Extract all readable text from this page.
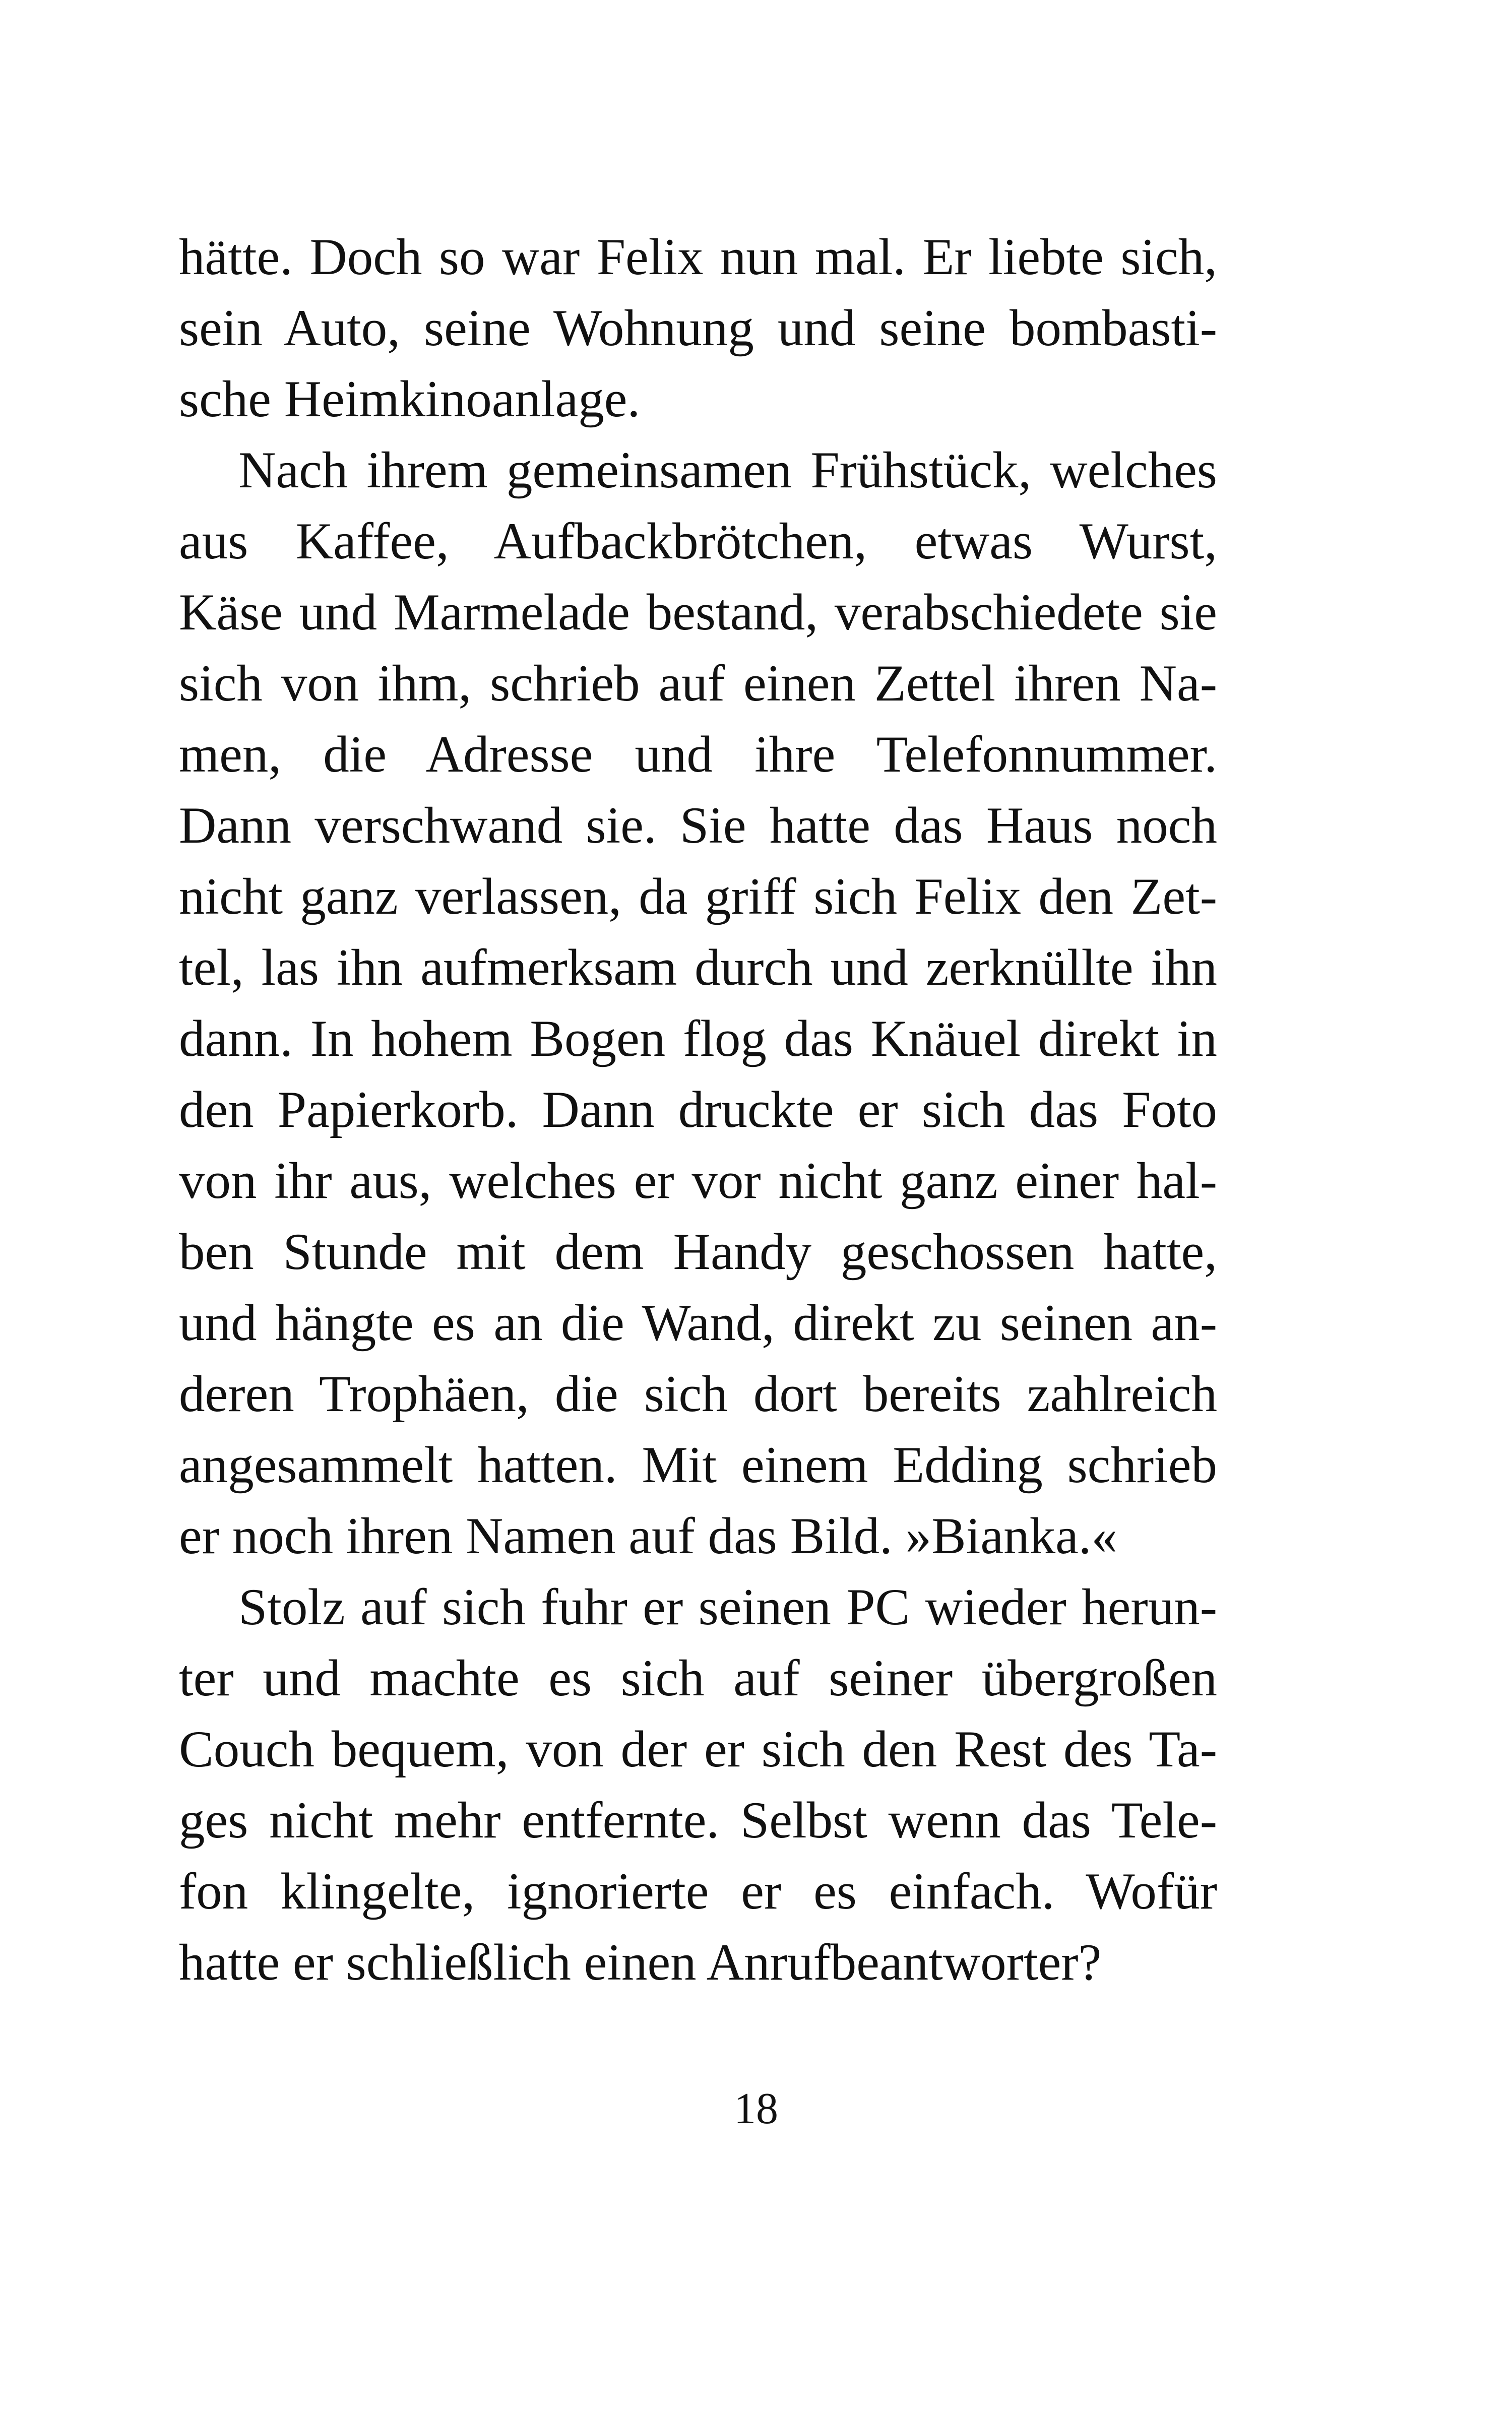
hätte. Doch so war Felix nun mal. Er liebte sich,
sein Auto, seine Wohnung und seine bombasti-
sche Heimkinoanlage.
Nach ihrem gemeinsamen Frühstück, welches
aus Kaffee, Aufbackbrötchen, etwas Wurst,
Käse und Marmelade bestand, verabschiedete sie
sich von ihm, schrieb auf einen Zettel ihren Na-
men, die Adresse und ihre Telefonnummer.
Dann verschwand sie. Sie hatte das Haus noch
nicht ganz verlassen, da griff sich Felix den Zet-
tel, las ihn aufmerksam durch und zerknüllte ihn
dann. In hohem Bogen flog das Knäuel direkt in
den Papierkorb. Dann druckte er sich das Foto
von ihr aus, welches er vor nicht ganz einer hal-
ben Stunde mit dem Handy geschossen hatte,
und hängte es an die Wand, direkt zu seinen an-
deren Trophäen, die sich dort bereits zahlreich
angesammelt hatten. Mit einem Edding schrieb
er noch ihren Namen auf das Bild. »Bianka.«
Stolz auf sich fuhr er seinen PC wieder herun-
ter und machte es sich auf seiner übergroßen
Couch bequem, von der er sich den Rest des Ta-
ges nicht mehr entfernte. Selbst wenn das Tele-
fon klingelte, ignorierte er es einfach. Wofür
hatte er schließlich einen Anrufbeantworter?
18
